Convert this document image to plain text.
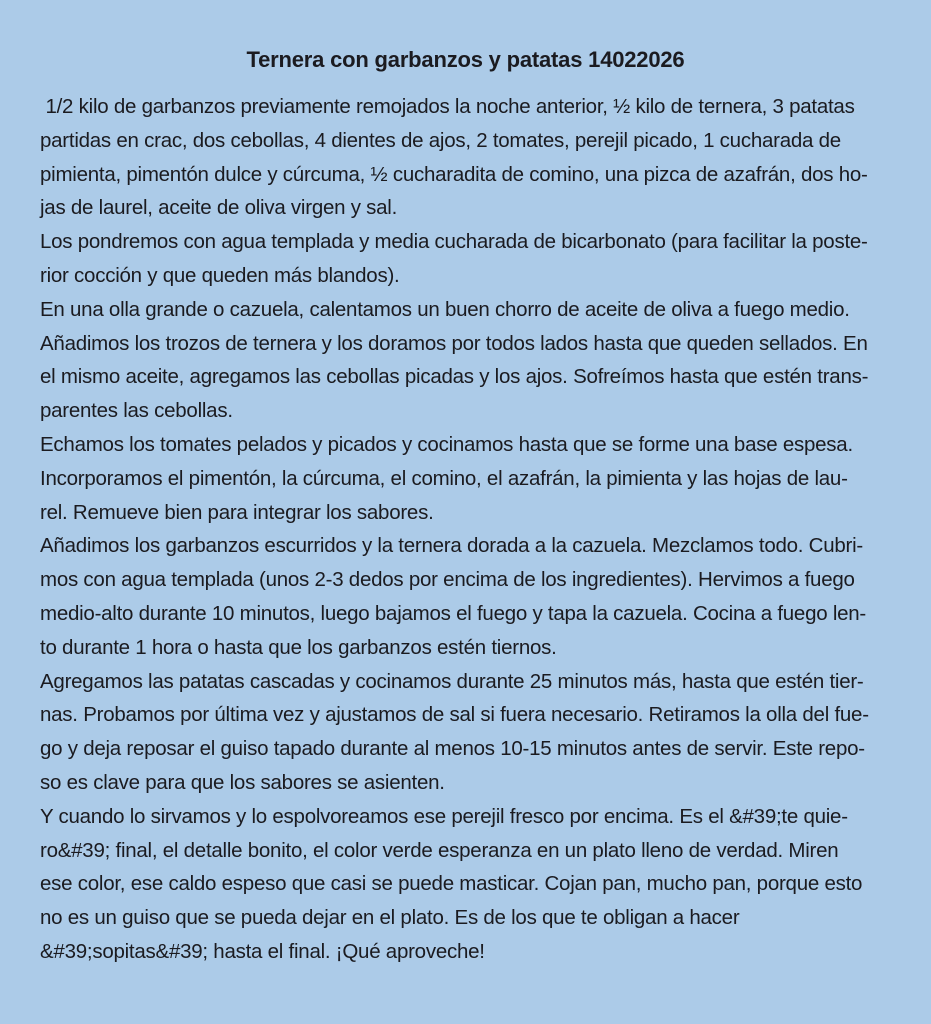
Ternera con garbanzos y patatas 14022026
1/2 kilo de garbanzos previamente remojados la noche anterior, ½ kilo de ternera, 3 patatas
partidas en crac, dos cebollas, 4 dientes de ajos, 2 tomates, perejil picado, 1 cucharada de
pimienta, pimentón dulce y cúrcuma, ½ cucharadita de comino, una pizca de azafrán, dos ho-
jas de laurel, aceite de oliva virgen y sal.
Los pondremos con agua templada y media cucharada de bicarbonato (para facilitar la poste-
rior cocción y que queden más blandos).
En una olla grande o cazuela, calentamos un buen chorro de aceite de oliva a fuego medio.
Añadimos los trozos de ternera y los doramos por todos lados hasta que queden sellados. En
el mismo aceite, agregamos las cebollas picadas y los ajos. Sofreímos hasta que estén trans-
parentes las cebollas.
Echamos los tomates pelados y picados y cocinamos hasta que se forme una base espesa.
Incorporamos el pimentón, la cúrcuma, el comino, el azafrán, la pimienta y las hojas de lau-
rel. Remueve bien para integrar los sabores.
Añadimos los garbanzos escurridos y la ternera dorada a la cazuela. Mezclamos todo. Cubri-
mos con agua templada (unos 2-3 dedos por encima de los ingredientes). Hervimos a fuego
medio-alto durante 10 minutos, luego bajamos el fuego y tapa la cazuela. Cocina a fuego len-
to durante 1 hora o hasta que los garbanzos estén tiernos.
Agregamos las patatas cascadas y cocinamos durante 25 minutos más, hasta que estén tier-
nas. Probamos por última vez y ajustamos de sal si fuera necesario. Retiramos la olla del fue-
go y deja reposar el guiso tapado durante al menos 10-15 minutos antes de servir. Este repo-
so es clave para que los sabores se asienten.
Y cuando lo sirvamos y lo espolvoreamos ese perejil fresco por encima. Es el &#39;te quie-
ro&#39; final, el detalle bonito, el color verde esperanza en un plato lleno de verdad. Miren
ese color, ese caldo espeso que casi se puede masticar. Cojan pan, mucho pan, porque esto
no es un guiso que se pueda dejar en el plato. Es de los que te obligan a hacer
&#39;sopitas&#39; hasta el final. ¡Qué aproveche!
